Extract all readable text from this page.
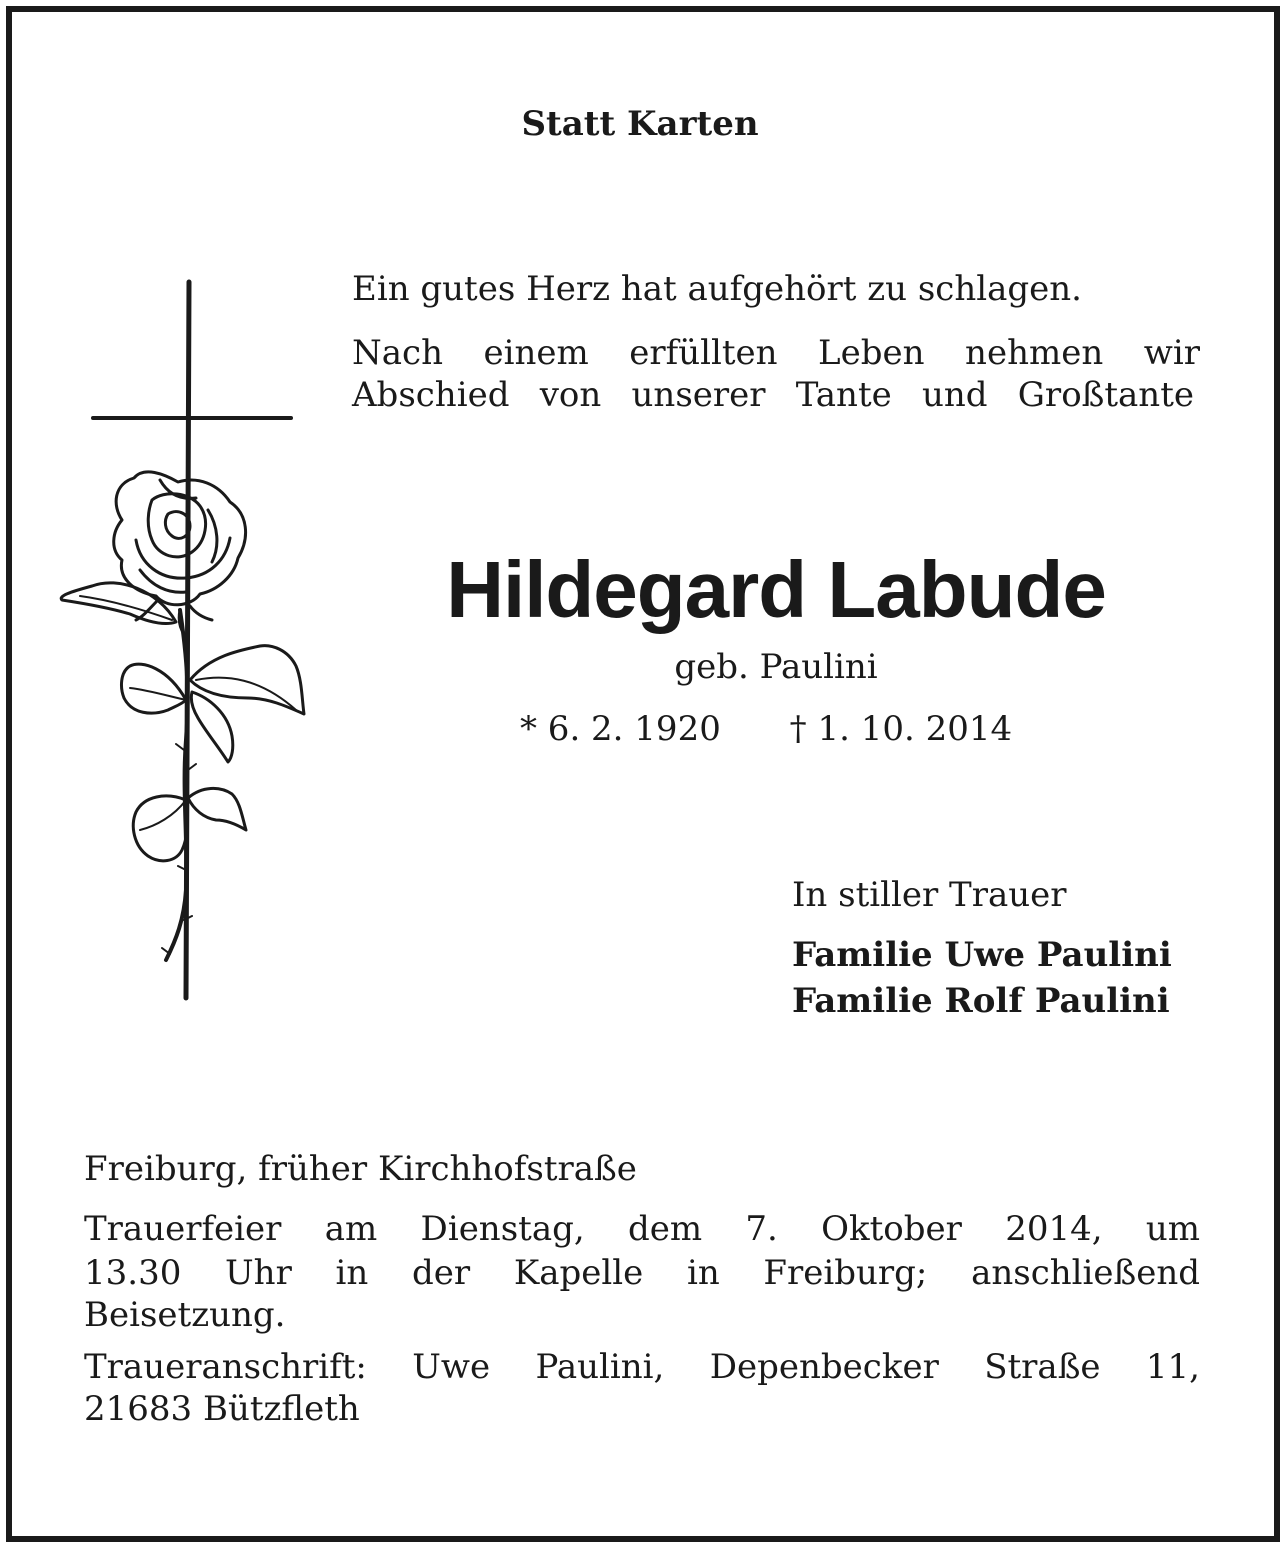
Statt Karten

Ein gutes Herz hat aufgehört zu schlagen.

Nach einem erfüllten Leben nehmen wir

Abschied von unserer Tante und Großtante

Hildegard Labude

geb. Paulini

* 6. 2. 1920 † 1. 10. 2014

In stiller Trauer

Familie Uwe Paulini

Familie Rolf Paulini

Freiburg, früher Kirchhofstraße

Trauerfeier am Dienstag, dem 7. Oktober 2014, um

13.30 Uhr in der Kapelle in Freiburg; anschließend

Beisetzung.

Traueranschrift: Uwe Paulini, Depenbecker Straße 11,

21683 Bützfleth
